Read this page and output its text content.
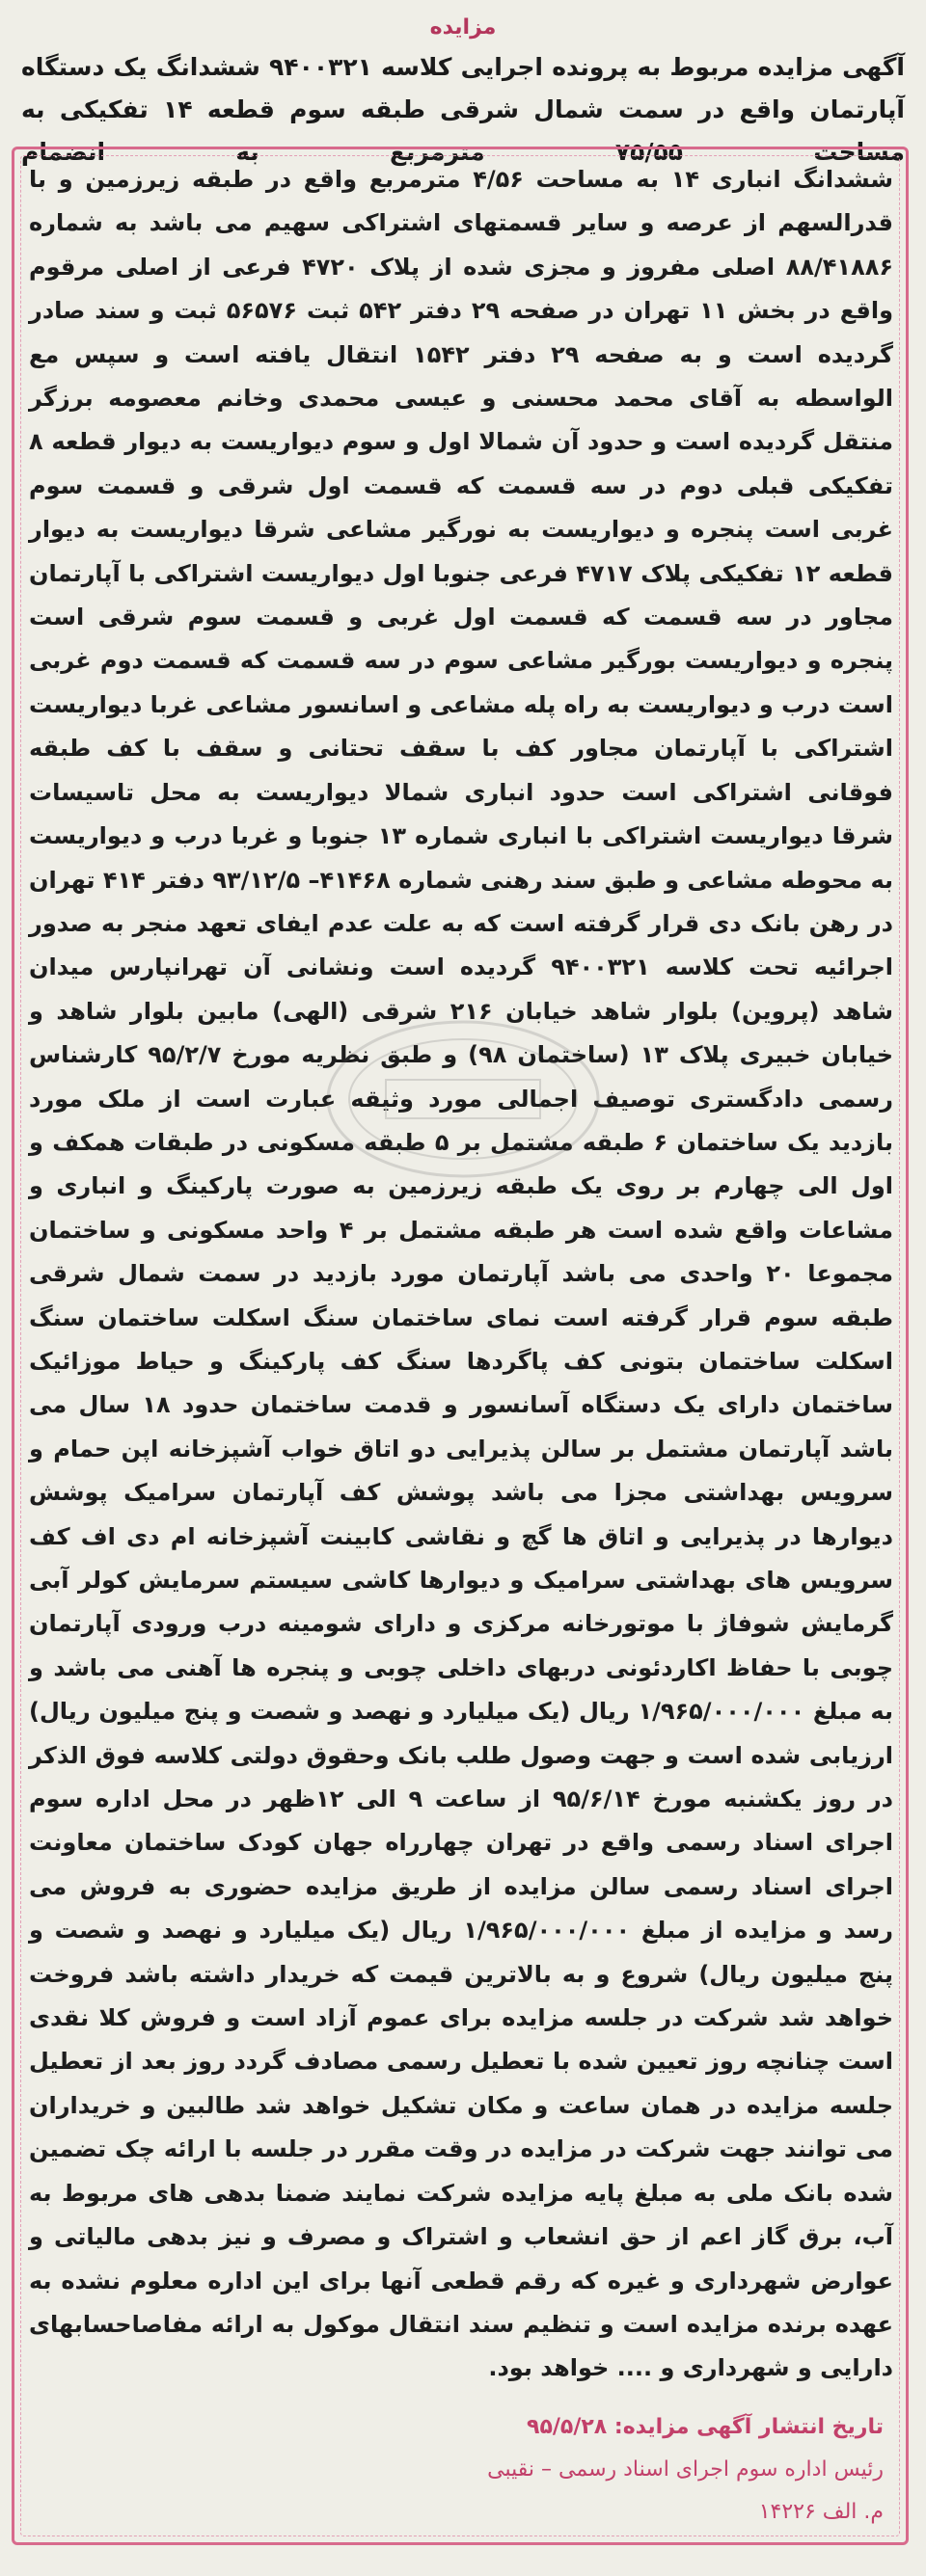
مزایده

آگهی مزایده مربوط به پرونده اجرایی کلاسه ۹۴۰۰۳۲۱ ششدانگ یک دستگاه آپارتمان واقع در سمت شمال شرقی طبقه سوم قطعه ۱۴ تفکیکی به مساحت ۷۵/۵۵ مترمربع به انضمام

ششدانگ انباری ۱۴ به مساحت ۴/۵۶ مترمربع واقع در طبقه زیرزمین و با قدرالسهم از عرصه و سایر قسمتهای اشتراکی سهیم می باشد به شماره ۸۸/۴۱۸۸۶ اصلی مفروز و مجزی شده از پلاک ۴۷۲۰ فرعی از اصلی مرقوم واقع در بخش ۱۱ تهران در صفحه ۲۹ دفتر ۵۴۲ ثبت ۵۶۵۷۶ ثبت و سند صادر گردیده است و به صفحه ۲۹ دفتر ۱۵۴۲ انتقال یافته است و سپس مع الواسطه به آقای محمد محسنی و عیسی محمدی وخانم معصومه برزگر منتقل گردیده است و حدود آن شمالا اول و سوم دیواریست به دیوار قطعه ۸ تفکیکی قبلی دوم در سه قسمت که قسمت اول شرقی و قسمت سوم غربی است پنجره و دیواریست به نورگیر مشاعی شرقا دیواریست به دیوار قطعه ۱۲ تفکیکی پلاک ۴۷۱۷ فرعی جنوبا اول دیواریست اشتراکی با آپارتمان مجاور در سه قسمت که قسمت اول غربی و قسمت سوم شرقی است پنجره و دیواریست بورگیر مشاعی سوم در سه قسمت که قسمت دوم غربی است درب و دیواریست به راه پله مشاعی و اسانسور مشاعی غربا دیواریست اشتراکی با آپارتمان مجاور کف با سقف تحتانی و سقف با کف طبقه فوقانی اشتراکی است حدود انباری شمالا دیواریست به محل تاسیسات شرقا دیواریست اشتراکی با انباری شماره ۱۳ جنوبا و غربا درب و دیواریست به محوطه مشاعی و طبق سند رهنی شماره ۴۱۴۶۸– ۹۳/۱۲/۵ دفتر ۴۱۴ تهران در رهن بانک دی قرار گرفته است که به علت عدم ایفای تعهد منجر به صدور اجرائیه تحت کلاسه ۹۴۰۰۳۲۱ گردیده است ونشانی آن تهرانپارس میدان شاهد (پروین) بلوار شاهد خیابان ۲۱۶ شرقی (الهی) مابین بلوار شاهد و خیابان خبیری پلاک ۱۳ (ساختمان ۹۸) و طبق نظریه مورخ ۹۵/۲/۷ کارشناس رسمی دادگستری توصیف اجمالی مورد وثیقه عبارت است از ملک مورد بازدید یک ساختمان ۶ طبقه مشتمل بر ۵ طبقه مسکونی در طبقات همکف و اول الی چهارم بر روی یک طبقه زیرزمین به صورت پارکینگ و انباری و مشاعات واقع شده است هر طبقه مشتمل بر ۴ واحد مسکونی و ساختمان مجموعا ۲۰ واحدی می باشد آپارتمان مورد بازدید در سمت شمال شرقی طبقه سوم قرار گرفته است نمای ساختمان سنگ اسکلت ساختمان سنگ اسکلت ساختمان بتونی کف پاگردها سنگ کف پارکینگ و حیاط موزائیک ساختمان دارای یک دستگاه آسانسور و قدمت ساختمان حدود ۱۸ سال می باشد آپارتمان مشتمل بر سالن پذیرایی دو اتاق خواب آشپزخانه اپن حمام و سرویس بهداشتی مجزا می باشد پوشش کف آپارتمان سرامیک پوشش دیوارها در پذیرایی و اتاق ها گچ و نقاشی کابینت آشپزخانه ام دی اف کف سرویس های بهداشتی سرامیک و دیوارها کاشی سیستم سرمایش کولر آبی گرمایش شوفاژ با موتورخانه مرکزی و دارای شومینه درب ورودی آپارتمان چوبی با حفاظ اکاردئونی دربهای داخلی چوبی و پنجره ها آهنی می باشد و به مبلغ ۱/۹۶۵/۰۰۰/۰۰۰ ریال (یک میلیارد و نهصد و شصت و پنج میلیون ریال) ارزیابی شده است و جهت وصول طلب بانک وحقوق دولتی کلاسه فوق الذکر در روز یکشنبه مورخ ۹۵/۶/۱۴ از ساعت ۹ الی ۱۲ظهر در محل اداره سوم اجرای اسناد رسمی واقع در تهران چهارراه جهان کودک ساختمان معاونت اجرای اسناد رسمی سالن مزایده از طریق مزایده حضوری به فروش می رسد و مزایده از مبلغ ۱/۹۶۵/۰۰۰/۰۰۰ ریال (یک میلیارد و نهصد و شصت و پنج میلیون ریال) شروع و به بالاترین قیمت که خریدار داشته باشد فروخت خواهد شد شرکت در جلسه مزایده برای عموم آزاد است و فروش کلا نقدی است چنانچه روز تعیین شده با تعطیل رسمی مصادف گردد روز بعد از تعطیل جلسه مزایده در همان ساعت و مکان تشکیل خواهد شد طالبین و خریداران می توانند جهت شرکت در مزایده در وقت مقرر در جلسه با ارائه چک تضمین شده بانک ملی به مبلغ پایه مزایده شرکت نمایند ضمنا بدهی های مربوط به آب، برق گاز اعم از حق انشعاب و اشتراک و مصرف و نیز بدهی مالیاتی و عوارض شهرداری و غیره که رقم قطعی آنها برای این اداره معلوم نشده به عهده برنده مزایده است و تنظیم سند انتقال موکول به ارائه مفاصاحسابهای دارایی و شهرداری و .... خواهد بود.

تاریخ انتشار آگهی مزایده: ۹۵/۵/۲۸
رئیس اداره سوم اجرای اسناد رسمی – نقیبی
م. الف ۱۴۲۲۶
